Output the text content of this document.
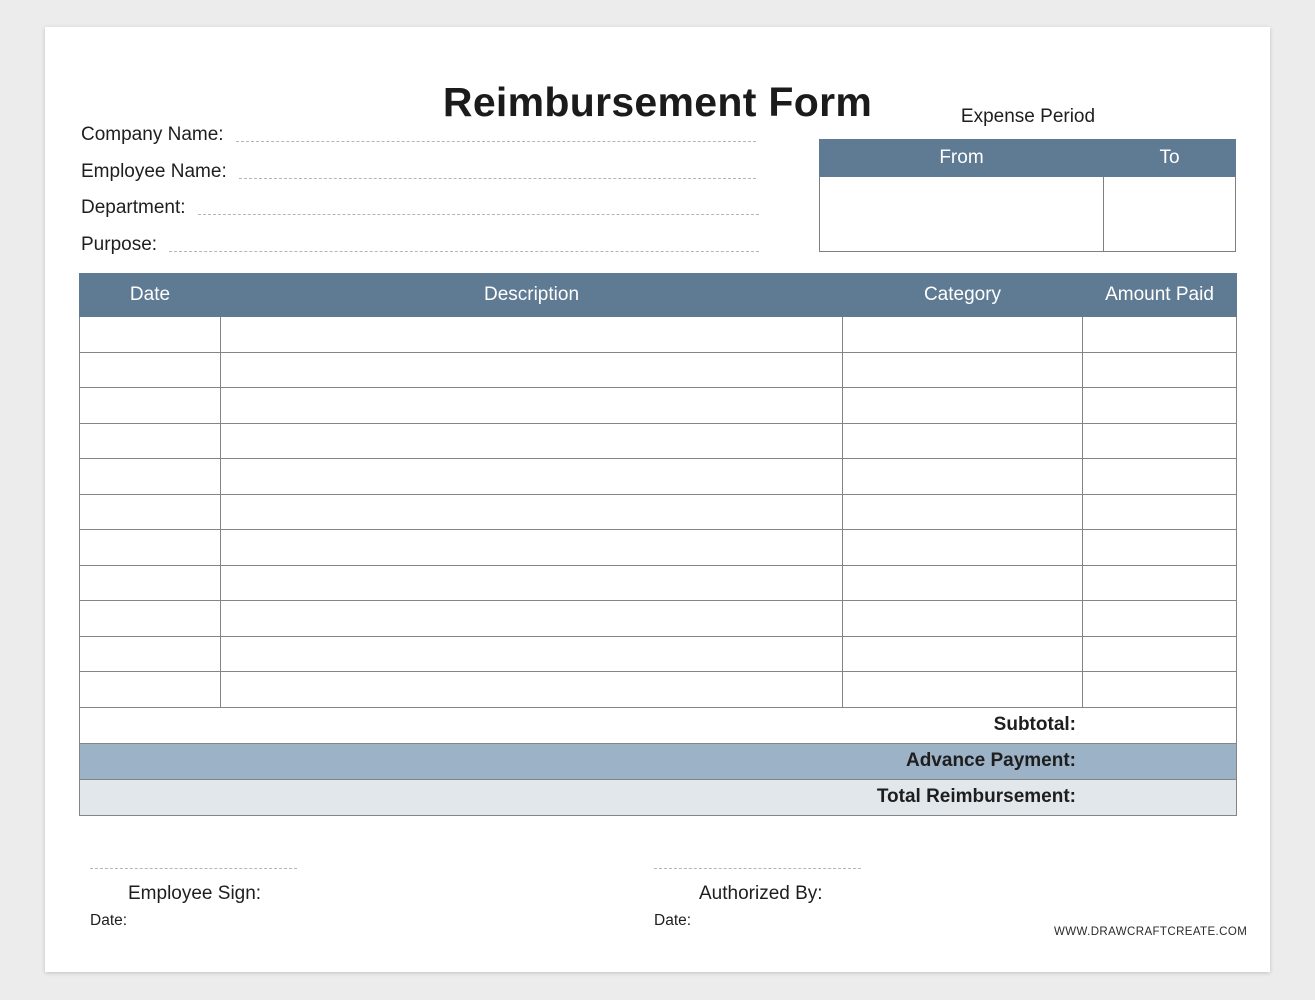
Reimbursement Form
Company Name:
Employee Name:
Department:
Purpose:
Expense Period
From	To

Date	Description	Category	Amount Paid

Subtotal:			
Advance Payment:			
Total Reimbursement:			
Employee Sign:
Date:
Authorized By:
Date:
WWW.DRAWCRAFTCREATE.COM
